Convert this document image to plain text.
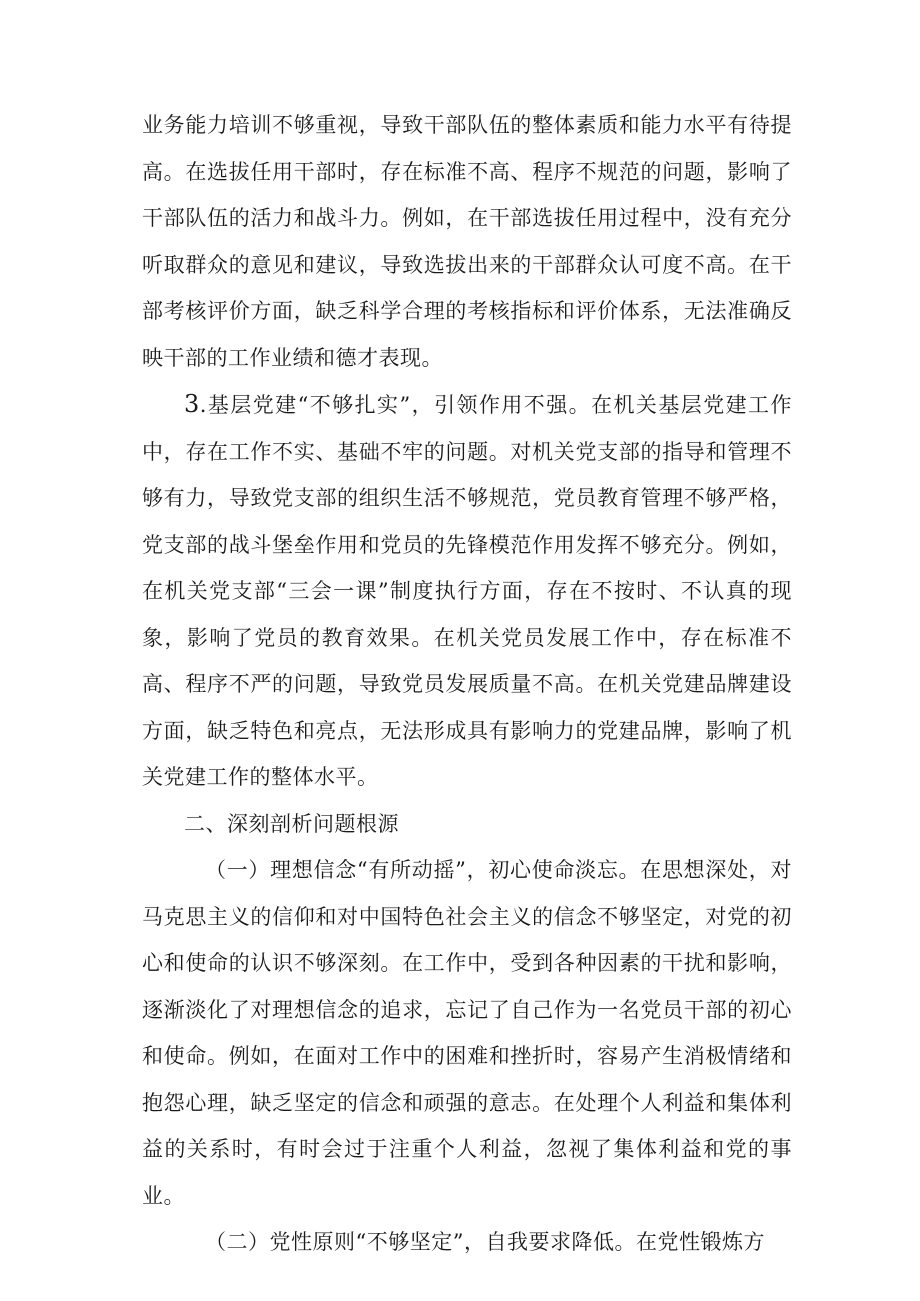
业务能力培训不够重视，导致干部队伍的整体素质和能力水平有待提高。在选拔任用干部时，存在标准不高、程序不规范的问题，影响了干部队伍的活力和战斗力。例如，在干部选拔任用过程中，没有充分听取群众的意见和建议，导致选拔出来的干部群众认可度不高。在干部考核评价方面，缺乏科学合理的考核指标和评价体系，无法准确反映干部的工作业绩和德才表现。

3.基层党建“不够扎实”，引领作用不强。在机关基层党建工作中，存在工作不实、基础不牢的问题。对机关党支部的指导和管理不够有力，导致党支部的组织生活不够规范，党员教育管理不够严格，党支部的战斗堡垒作用和党员的先锋模范作用发挥不够充分。例如，在机关党支部“三会一课”制度执行方面，存在不按时、不认真的现象，影响了党员的教育效果。在机关党员发展工作中，存在标准不高、程序不严的问题，导致党员发展质量不高。在机关党建品牌建设方面，缺乏特色和亮点，无法形成具有影响力的党建品牌，影响了机关党建工作的整体水平。

二、深刻剖析问题根源

（一）理想信念“有所动摇”，初心使命淡忘。在思想深处，对马克思主义的信仰和对中国特色社会主义的信念不够坚定，对党的初心和使命的认识不够深刻。在工作中，受到各种因素的干扰和影响，逐渐淡化了对理想信念的追求，忘记了自己作为一名党员干部的初心和使命。例如，在面对工作中的困难和挫折时，容易产生消极情绪和抱怨心理，缺乏坚定的信念和顽强的意志。在处理个人利益和集体利益的关系时，有时会过于注重个人利益，忽视了集体利益和党的事业。

（二）党性原则“不够坚定”，自我要求降低。在党性锻炼方
